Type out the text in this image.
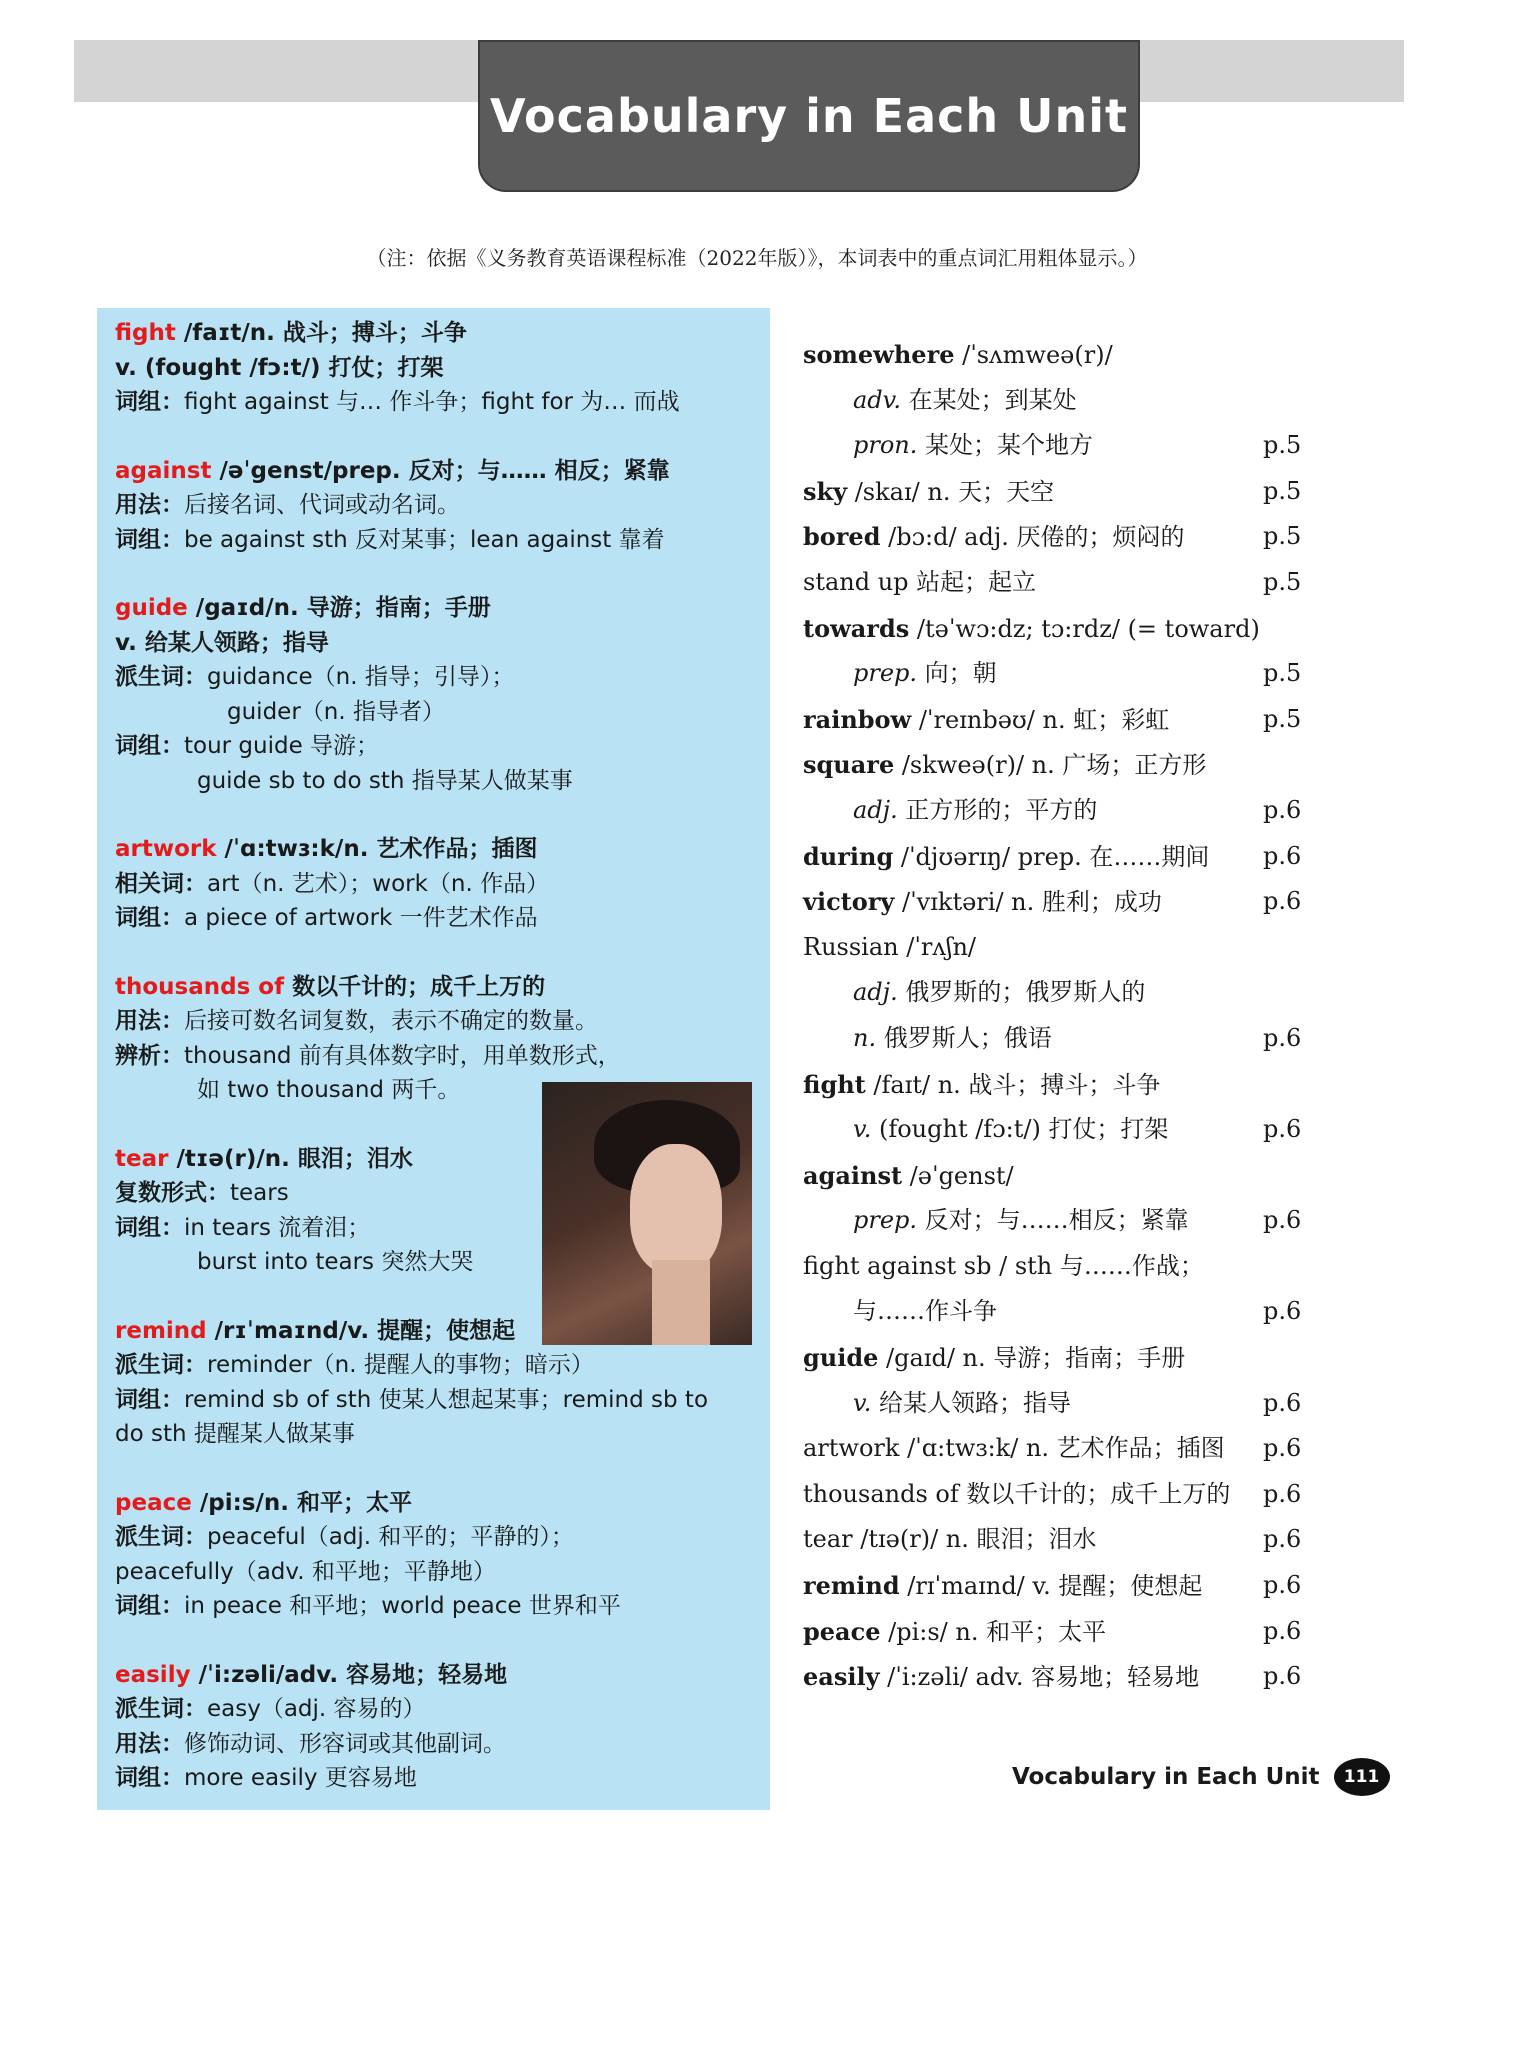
Vocabulary in Each Unit
（注：依据《义务教育英语课程标准（2022年版）》，本词表中的重点词汇用粗体显示。）
fight /faɪt/n. 战斗；搏斗；斗争
v. (fought /fɔ:t/) 打仗；打架
词组：fight against 与… 作斗争；fight for 为… 而战
against /əˈgenst/prep. 反对；与…… 相反；紧靠
用法：后接名词、代词或动名词。
词组：be against sth 反对某事；lean against 靠着
guide /gaɪd/n. 导游；指南；手册
v. 给某人领路；指导
派生词：guidance（n. 指导；引导）；
guider（n. 指导者）
词组：tour guide 导游；
guide sb to do sth 指导某人做某事
artwork /ˈɑ:twɜ:k/n. 艺术作品；插图
相关词：art（n. 艺术）；work（n. 作品）
词组：a piece of artwork 一件艺术作品
thousands of 数以千计的；成千上万的
用法：后接可数名词复数，表示不确定的数量。
辨析：thousand 前有具体数字时，用单数形式，
如 two thousand 两千。
tear /tɪə(r)/n. 眼泪；泪水
复数形式：tears
词组：in tears 流着泪；
burst into tears 突然大哭
remind /rɪˈmaɪnd/v. 提醒；使想起
派生词：reminder（n. 提醒人的事物；暗示）
词组：remind sb of sth 使某人想起某事；remind sb to
do sth 提醒某人做某事
peace /pi:s/n. 和平；太平
派生词：peaceful（adj. 和平的；平静的）；
peacefully（adv. 和平地；平静地）
词组：in peace 和平地；world peace 世界和平
easily /ˈi:zəli/adv. 容易地；轻易地
派生词：easy（adj. 容易的）
用法：修饰动词、形容词或其他副词。
词组：more easily 更容易地
somewhere /ˈsʌmweə(r)/
adv. 在某处；到某处
pron. 某处；某个地方	p.5
sky /skaɪ/ n. 天；天空	p.5
bored /bɔ:d/ adj. 厌倦的；烦闷的	p.5
stand up 站起；起立	p.5
towards /təˈwɔ:dz; tɔ:rdz/ (= toward)
prep. 向；朝	p.5
rainbow /ˈreɪnbəʊ/ n. 虹；彩虹	p.5
square /skweə(r)/ n. 广场；正方形
adj. 正方形的；平方的	p.6
during /ˈdjʊərɪŋ/ prep. 在……期间 p.6
victory /ˈvɪktəri/ n. 胜利；成功	p.6
Russian /ˈrʌʃn/
adj. 俄罗斯的；俄罗斯人的
n. 俄罗斯人；俄语	p.6
fight /faɪt/ n. 战斗；搏斗；斗争
v. (fought /fɔ:t/) 打仗；打架	p.6
against /əˈgenst/
prep. 反对；与……相反；紧靠	p.6
fight against sb / sth 与……作战；
与……作斗争	p.6
guide /gaɪd/ n. 导游；指南；手册
v. 给某人领路；指导	p.6
artwork /ˈɑ:twɜ:k/ n. 艺术作品；插图 p.6
thousands of 数以千计的；成千上万的 p.6
tear /tɪə(r)/ n. 眼泪；泪水	p.6
remind /rɪˈmaɪnd/ v. 提醒；使想起	p.6
peace /pi:s/ n. 和平；太平	p.6
easily /ˈi:zəli/ adv. 容易地；轻易地	p.6
Vocabulary in Each Unit	111
